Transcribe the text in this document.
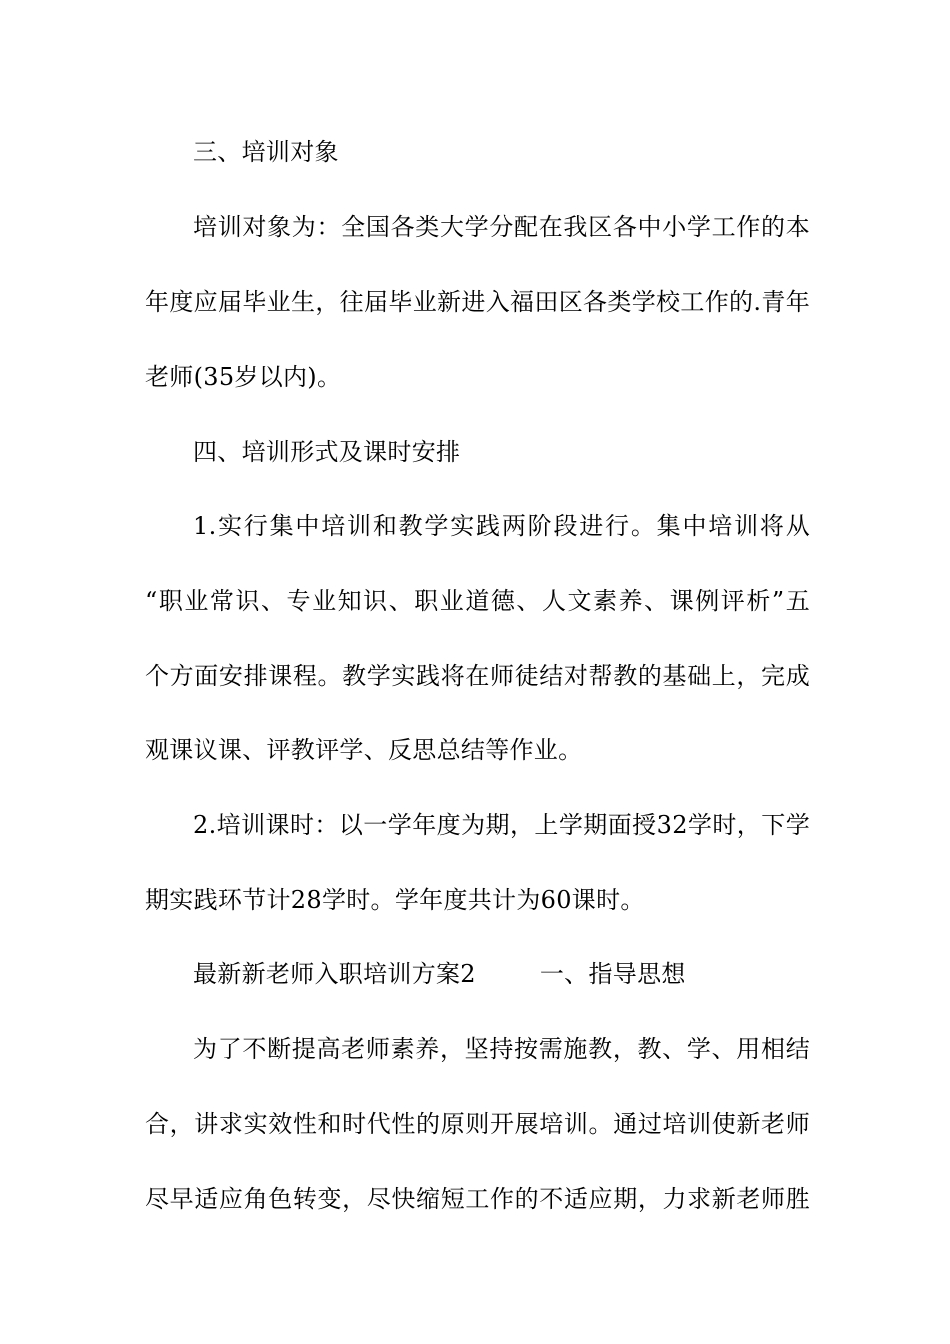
三、培训对象
培训对象为：全国各类大学分配在我区各中小学工作的本
年度应届毕业生，往届毕业新进入福田区各类学校工作的.青年
老师(35岁以内)。
四、培训形式及课时安排
1.实行集中培训和教学实践两阶段进行。集中培训将从
“职业常识、专业知识、职业道德、人文素养、课例评析”五
个方面安排课程。教学实践将在师徒结对帮教的基础上，完成
观课议课、评教评学、反思总结等作业。
2.培训课时：以一学年度为期，上学期面授32学时，下学
期实践环节计28学时。学年度共计为60课时。
最新新老师入职培训方案2	一、指导思想
为了不断提高老师素养，坚持按需施教，教、学、用相结
合，讲求实效性和时代性的原则开展培训。通过培训使新老师
尽早适应角色转变，尽快缩短工作的不适应期，力求新老师胜
